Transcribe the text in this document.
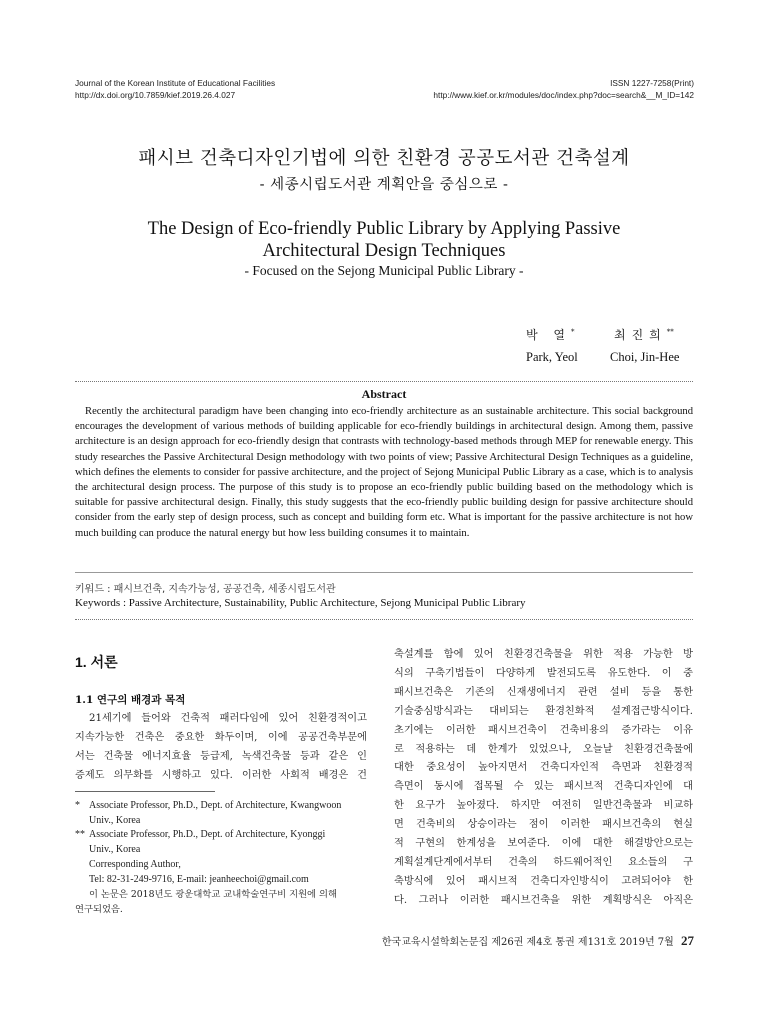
Journal of the Korean Institute of Educational Facilities
http://dx.doi.org/10.7859/kief.2019.26.4.027
ISSN 1227-7258(Print)
http://www.kief.or.kr/modules/doc/index.php?doc=search&__M_ID=142
패시브 건축디자인기법에 의한 친환경 공공도서관 건축설계
- 세종시립도서관 계획안을 중심으로 -
The Design of Eco-friendly Public Library by Applying Passive
Architectural Design Techniques
- Focused on the Sejong Municipal Public Library -
박 열*	최진희**
Park, Yeol	Choi, Jin-Hee
Abstract

Recently the architectural paradigm have been changing into eco-friendly architecture as an sustainable architecture. This social background encourages the development of various methods of building applicable for eco-friendly buildings in architectural design. Among them, passive architecture is an design approach for eco-friendly design that contrasts with technology-based methods through MEP for renewable energy. This study researches the Passive Architectural Design methodology with two points of view; Passive Architectural Design Techniques as a guideline, which defines the elements to consider for passive architecture, and the project of Sejong Municipal Public Library as a case, which is to analysis the architectural design process. The purpose of this study is to propose an eco-friendly public building based on the methodology which is suitable for passive architectural design. Finally, this study suggests that the eco-friendly public building design for passive architecture should consider from the early step of design process, such as concept and building form etc. What is important for the passive architecture is not how much building can produce the natural energy but how less building consumes it to maintain.

키워드 : 패시브건축, 지속가능성, 공공건축, 세종시립도서관
Keywords : Passive Architecture, Sustainability, Public Architecture, Sejong Municipal Public Library
1. 서론
1.1 연구의 배경과 목적
21세기에 들어와 건축적 패러다임에 있어 친환경적이고
지속가능한 건축은 중요한 화두이며, 이에 공공건축부문에
서는 건축물 에너지효율 등급제, 녹색건축물 등과 같은 인
증제도 의무화를 시행하고 있다. 이러한 사회적 배경은 건
축설계를 함에 있어 친환경건축물을 위한 적용 가능한 방
식의 구축기법들이 다양하게 발전되도록 유도한다. 이 중
패시브건축은 기존의 신재생에너지 관련 설비 등을 통한
기술중심방식과는 대비되는 환경친화적 설계접근방식이다.
초기에는 이러한 패시브건축이 건축비용의 증가라는 이유
로 적용하는 데 한계가 있었으나, 오늘날 친환경건축물에
대한 중요성이 높아지면서 건축디자인적 측면과 친환경적
측면이 동시에 접목될 수 있는 패시브적 건축디자인에 대
한 요구가 높아졌다. 하지만 여전히 일반건축물과 비교하
면 건축비의 상승이라는 점이 이러한 패시브건축의 현실
적 구현의 한계성을 보여준다. 이에 대한 해결방안으로는
계획설계단계에서부터 건축의 하드웨어적인 요소들의 구
축방식에 있어 패시브적 건축디자인방식이 고려되어야 한
다. 그러나 이러한 패시브건축을 위한 계획방식은 아직은
* Associate Professor, Ph.D., Dept. of Architecture, Kwangwoon
Univ., Korea
** Associate Professor, Ph.D., Dept. of Architecture, Kyonggi
Univ., Korea
Corresponding Author,
Tel: 82-31-249-9716, E-mail: jeanheechoi@gmail.com
이 논문은 2018년도 광운대학교 교내학술연구비 지원에 의해
연구되었음.
한국교육시설학회논문집 제26권 제4호 통권 제131호 2019년 7월 27
